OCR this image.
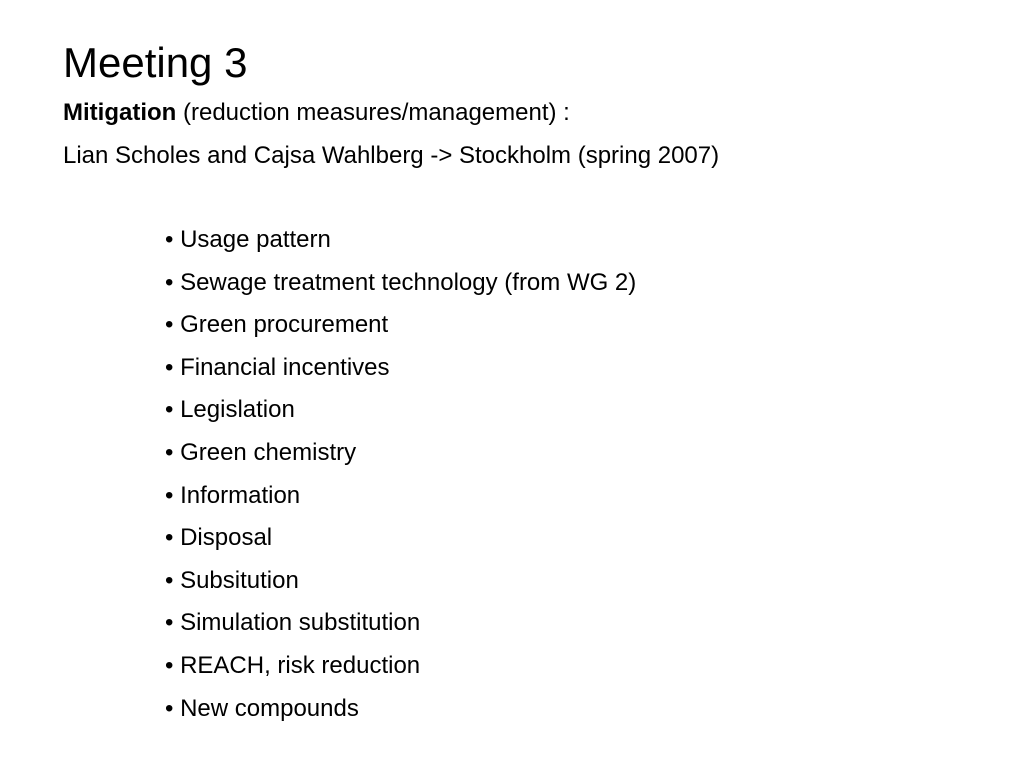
Meeting 3

Mitigation (reduction measures/management) :

Lian Scholes and Cajsa Wahlberg -> Stockholm (spring 2007)

• Usage pattern
• Sewage treatment technology (from WG 2)
• Green procurement
• Financial incentives
• Legislation
• Green chemistry
• Information
• Disposal
• Subsitution
• Simulation substitution
• REACH, risk reduction
• New compounds
